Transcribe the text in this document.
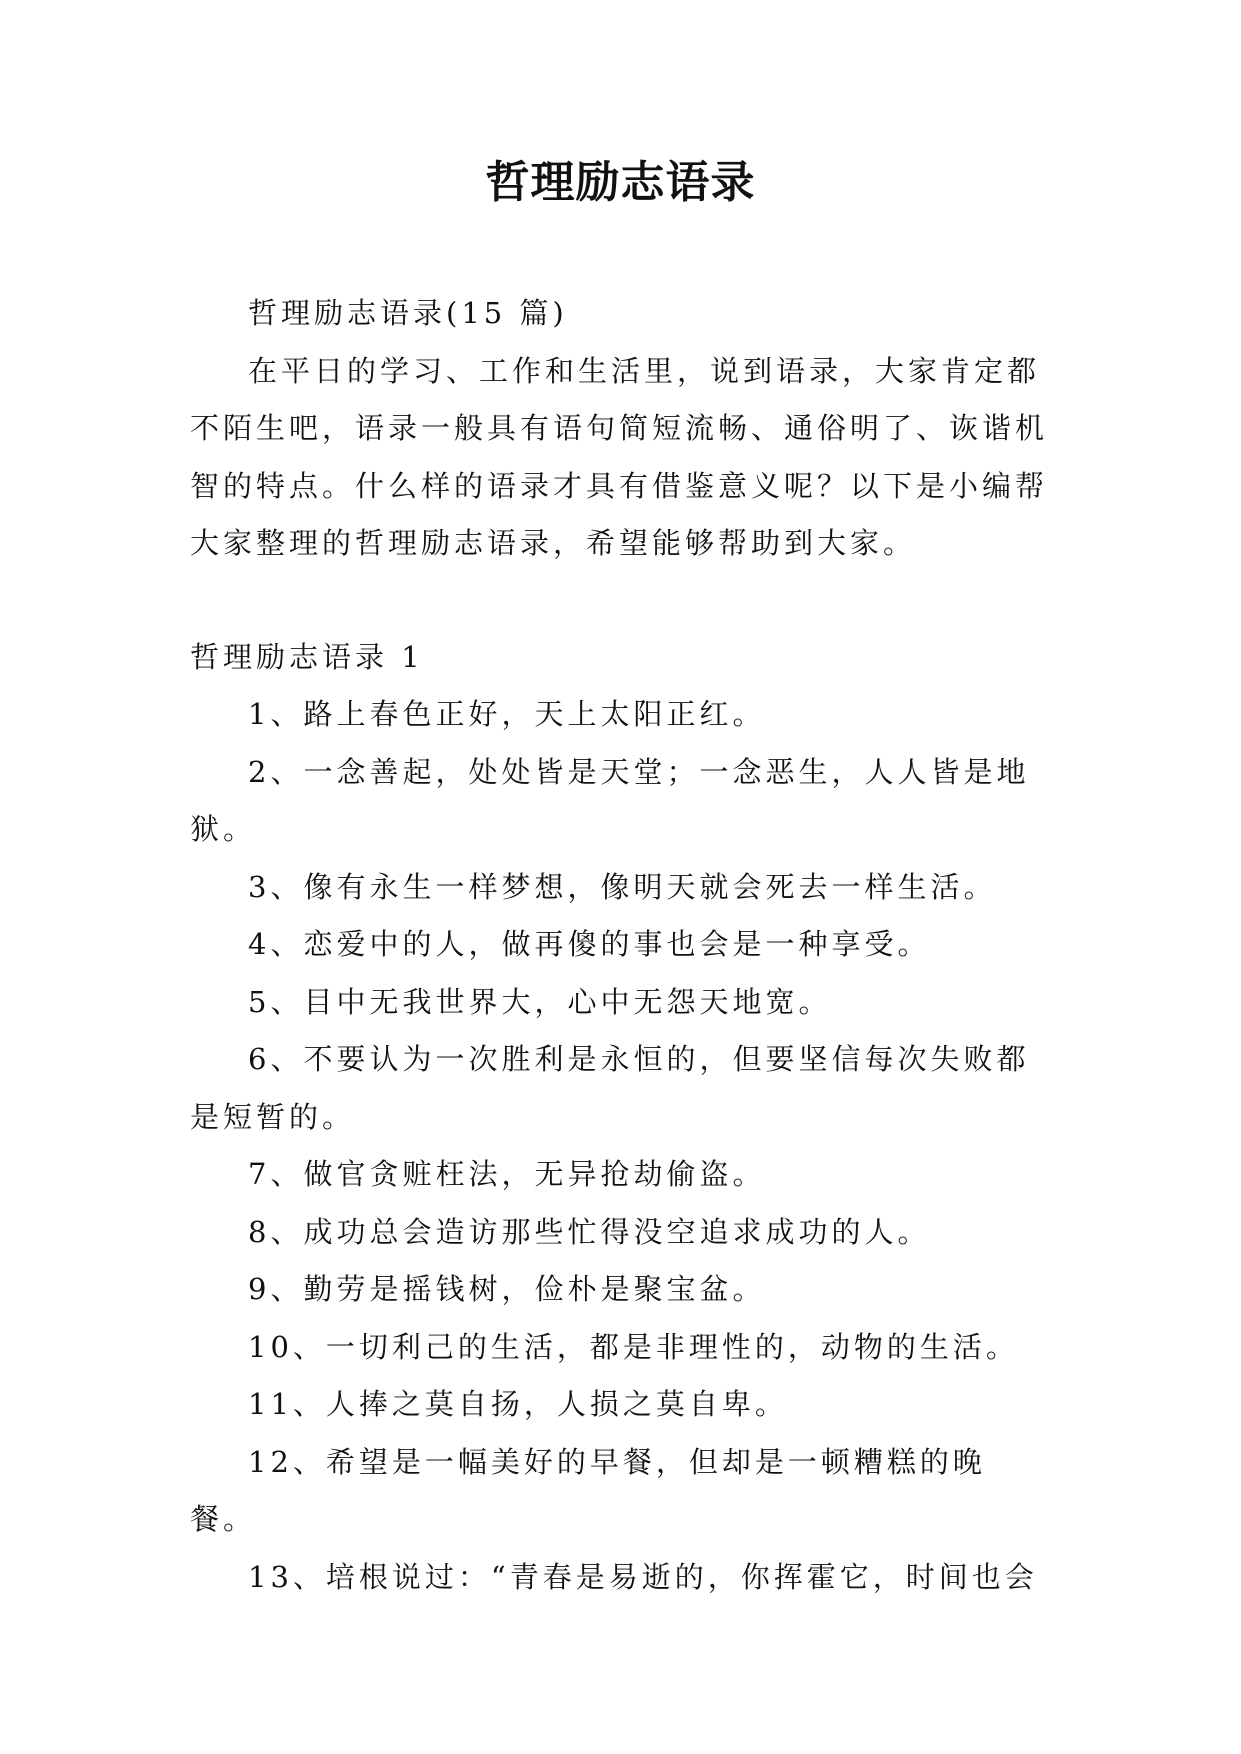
哲理励志语录

哲理励志语录(15 篇)

在平日的学习、工作和生活里，说到语录，大家肯定都不陌生吧，语录一般具有语句简短流畅、通俗明了、诙谐机智的特点。什么样的语录才具有借鉴意义呢？以下是小编帮大家整理的哲理励志语录，希望能够帮助到大家。

哲理励志语录 1

1、路上春色正好，天上太阳正红。

2、一念善起，处处皆是天堂；一念恶生，人人皆是地狱。

3、像有永生一样梦想，像明天就会死去一样生活。

4、恋爱中的人，做再傻的事也会是一种享受。

5、目中无我世界大，心中无怨天地宽。

6、不要认为一次胜利是永恒的，但要坚信每次失败都是短暂的。

7、做官贪赃枉法，无异抢劫偷盗。

8、成功总会造访那些忙得没空追求成功的人。

9、勤劳是摇钱树，俭朴是聚宝盆。

10、一切利己的生活，都是非理性的，动物的生活。

11、人捧之莫自扬，人损之莫自卑。

12、希望是一幅美好的早餐，但却是一顿糟糕的晚餐。

13、培根说过：“青春是易逝的，你挥霍它，时间也会
